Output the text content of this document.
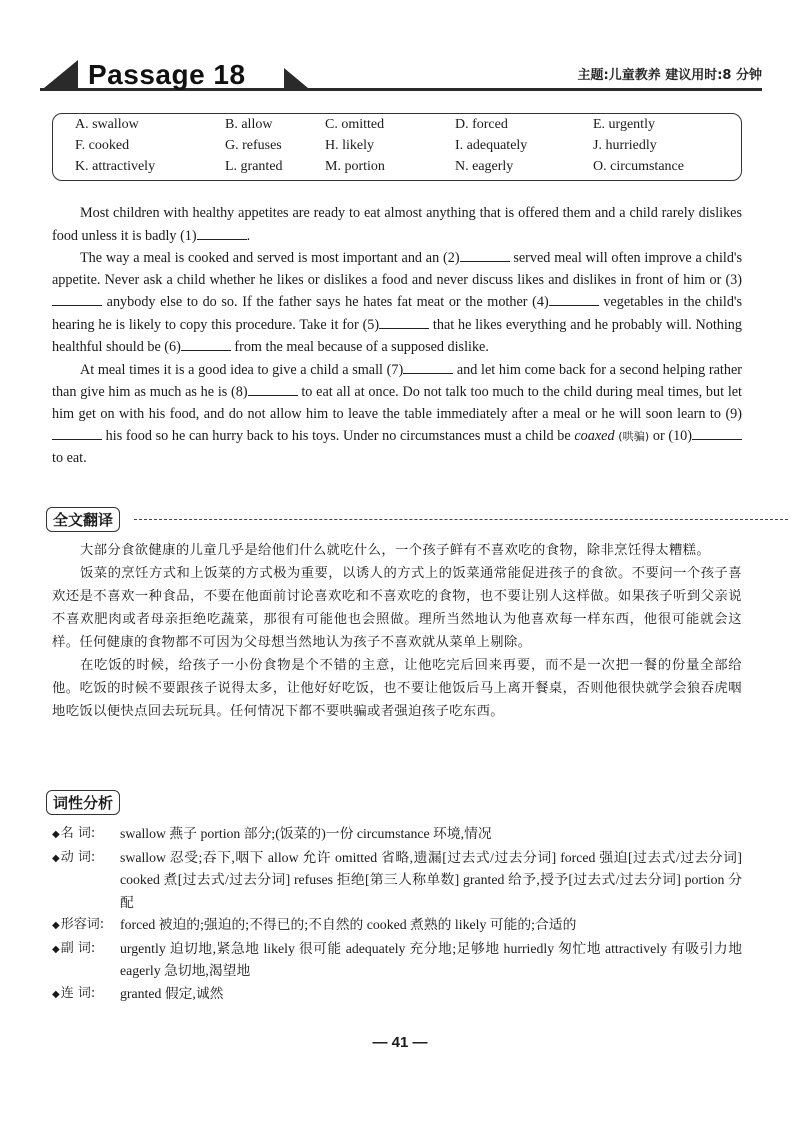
Passage 18	主题:儿童教养 建议用时:8 分钟
A. swallow	B. allow	C. omitted	D. forced	E. urgently
F. cooked	G. refuses	H. likely	I. adequately	J. hurriedly
K. attractively	L. granted	M. portion	N. eagerly	O. circumstance

Most children with healthy appetites are ready to eat almost anything that is offered them and a child rarely dislikes food unless it is badly (1)	.

The way a meal is cooked and served is most important and an (2)	served meal will often improve a child's appetite. Never ask a child whether he likes or dislikes a food and never discuss likes and dislikes in front of him or (3) anybody else to do so. If the father says he hates fat meat or the mother (4)	vegetables in the child's hearing he is likely to copy this procedure. Take it for (5)	that he likes everything and he probably will. Nothing healthful should be (6)	from the meal because of a supposed dislike.

At meal times it is a good idea to give a child a small (7)	and let him come back for a second helping rather than give him as much as he is (8)	to eat all at once. Do not talk too much to the child during meal times, but let him get on with his food, and do not allow him to leave the table immediately after a meal or he will soon learn to (9) his food so he can hurry back to his toys. Under no circumstances must a child be coaxed (哄骗) or (10) to eat.

全文翻译

大部分食欲健康的儿童几乎是给他们什么就吃什么，一个孩子鲜有不喜欢吃的食物，除非烹饪得太糟糕。

饭菜的烹饪方式和上饭菜的方式极为重要，以诱人的方式上的饭菜通常能促进孩子的食欲。不要问一个孩子喜欢还是不喜欢一种食品，不要在他面前讨论喜欢吃和不喜欢吃的食物，也不要让别人这样做。如果孩子听到父亲说不喜欢肥肉或者母亲拒绝吃蔬菜，那很有可能他也会照做。理所当然地认为他喜欢每一样东西，他很可能就会这样。任何健康的食物都不可因为父母想当然地认为孩子不喜欢就从菜单上剔除。

在吃饭的时候，给孩子一小份食物是个不错的主意，让他吃完后回来再要，而不是一次把一餐的份量全部给他。吃饭的时候不要跟孩子说得太多，让他好好吃饭，也不要让他饭后马上离开餐桌，否则他很快就学会狼吞虎咽地吃饭以便快点回去玩玩具。任何情况下都不要哄骗或者强迫孩子吃东西。

词性分析
◆名 词:	swallow 燕子 portion 部分;(饭菜的)一份 circumstance 环境,情况
◆动 词:	swallow 忍受;吞下,咽下 allow 允许 omitted 省略,遗漏[过去式/过去分词] forced 强迫[过去式/过去分词] cooked 煮[过去式/过去分词] refuses 拒绝[第三人称单数] granted 给予,授予[过去式/过去分词] portion 分配
◆形容词:	forced 被迫的;强迫的;不得已的;不自然的 cooked 煮熟的 likely 可能的;合适的
◆副 词:	urgently 迫切地,紧急地 likely 很可能 adequately 充分地;足够地 hurriedly 匆忙地 attractively 有吸引力地 eagerly 急切地,渴望地
◆连 词:	granted 假定,诚然
— 41 —
